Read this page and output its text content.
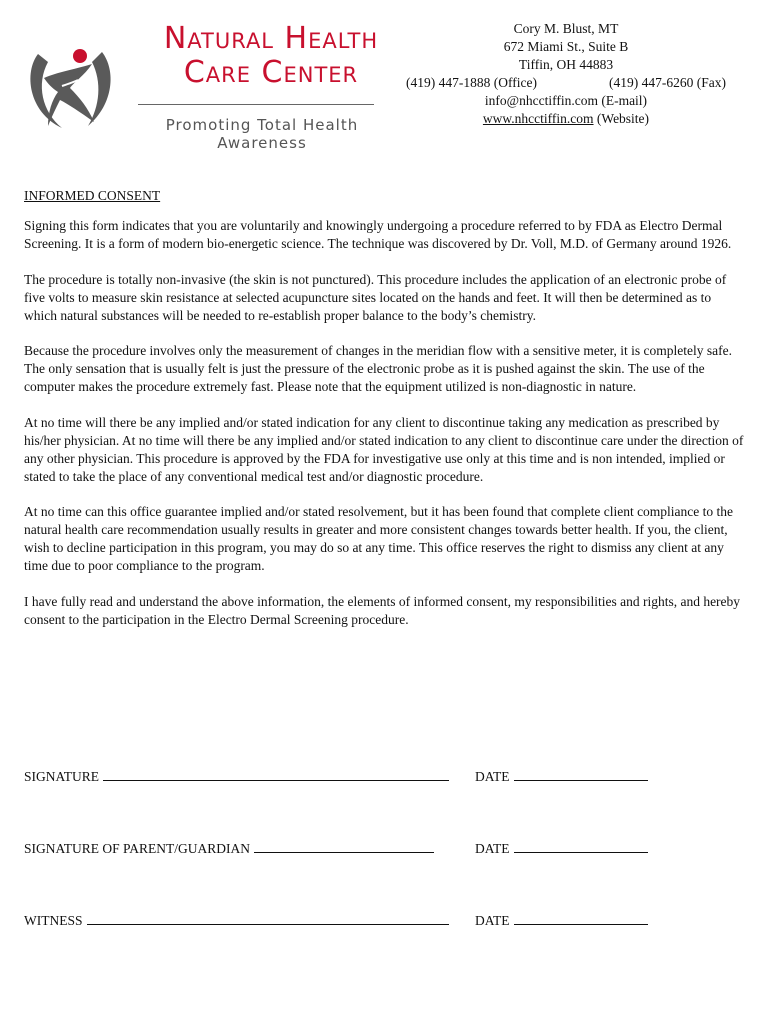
Natural Health
Care Center
Promoting Total Health Awareness
Cory M. Blust, MT
672 Miami St., Suite B
Tiffin, OH 44883
(419) 447-1888 (Office)	(419) 447-6260 (Fax)
info@nhcctiffin.com (E-mail)
www.nhcctiffin.com (Website)
INFORMED CONSENT

Signing this form indicates that you are voluntarily and knowingly undergoing a procedure referred to by FDA as Electro Dermal Screening. It is a form of modern bio-energetic science. The technique was discovered by Dr. Voll, M.D. of Germany around 1926.

The procedure is totally non-invasive (the skin is not punctured). This procedure includes the application of an electronic probe of five volts to measure skin resistance at selected acupuncture sites located on the hands and feet. It will then be determined as to which natural substances will be needed to re-establish proper balance to the body’s chemistry.

Because the procedure involves only the measurement of changes in the meridian flow with a sensitive meter, it is completely safe. The only sensation that is usually felt is just the pressure of the electronic probe as it is pushed against the skin. The use of the computer makes the procedure extremely fast. Please note that the equipment utilized is non-diagnostic in nature.

At no time will there be any implied and/or stated indication for any client to discontinue taking any medication as prescribed by his/her physician. At no time will there be any implied and/or stated indication to any client to discontinue care under the direction of any other physician. This procedure is approved by the FDA for investigative use only at this time and is non intended, implied or stated to take the place of any conventional medical test and/or diagnostic procedure.

At no time can this office guarantee implied and/or stated resolvement, but it has been found that complete client compliance to the natural health care recommendation usually results in greater and more consistent changes towards better health. If you, the client, wish to decline participation in this program, you may do so at any time. This office reserves the right to dismiss any client at any time due to poor compliance to the program.

I have fully read and understand the above information, the elements of informed consent, my responsibilities and rights, and hereby consent to the participation in the Electro Dermal Screening procedure.

SIGNATURE	DATE
SIGNATURE OF PARENT/GUARDIAN	DATE
WITNESS	DATE
